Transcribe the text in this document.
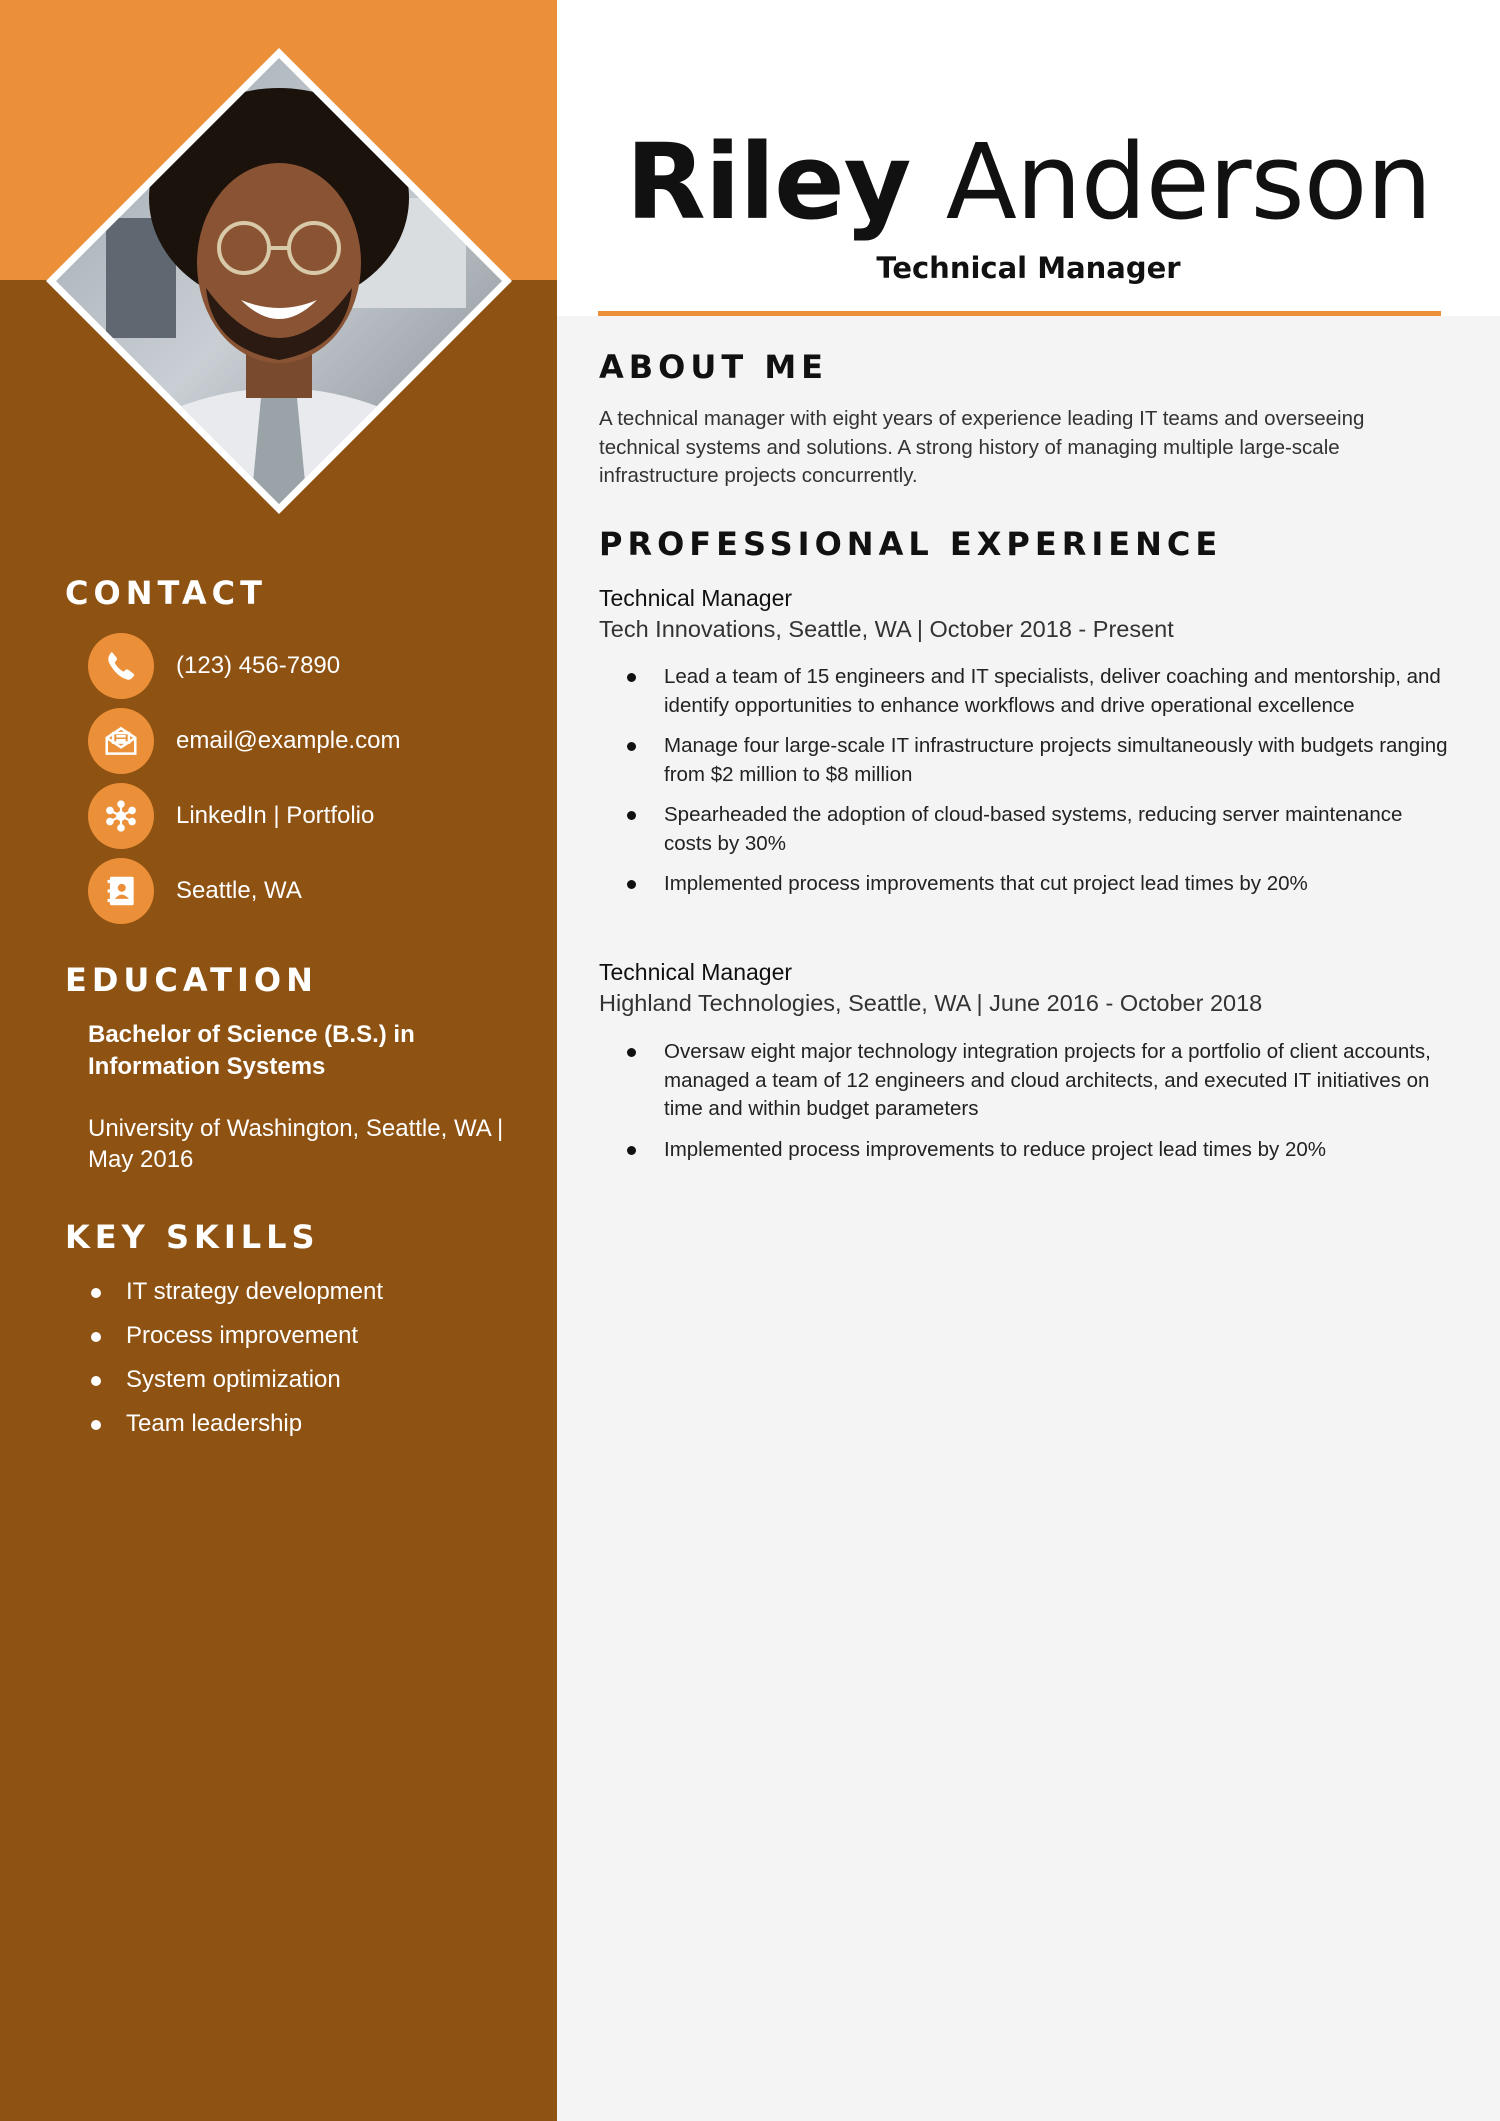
Riley Anderson
Technical Manager
CONTACT
(123) 456-7890
email@example.com
LinkedIn | Portfolio
Seattle, WA
EDUCATION
Bachelor of Science (B.S.) in Information Systems
University of Washington, Seattle, WA | May 2016
KEY SKILLS
IT strategy development
Process improvement
System optimization
Team leadership
ABOUT ME

A technical manager with eight years of experience leading IT teams and overseeing technical systems and solutions. A strong history of managing multiple large-scale infrastructure projects concurrently.

PROFESSIONAL EXPERIENCE
Technical Manager
Tech Innovations, Seattle, WA | October 2018 - Present
Lead a team of 15 engineers and IT specialists, deliver coaching and mentorship, and identify opportunities to enhance workflows and drive operational excellence
Manage four large-scale IT infrastructure projects simultaneously with budgets ranging from $2 million to $8 million
Spearheaded the adoption of cloud-based systems, reducing server maintenance costs by 30%
Implemented process improvements that cut project lead times by 20%
Technical Manager
Highland Technologies, Seattle, WA | June 2016 - October 2018
Oversaw eight major technology integration projects for a portfolio of client accounts, managed a team of 12 engineers and cloud architects, and executed IT initiatives on time and within budget parameters
Implemented process improvements to reduce project lead times by 20%
